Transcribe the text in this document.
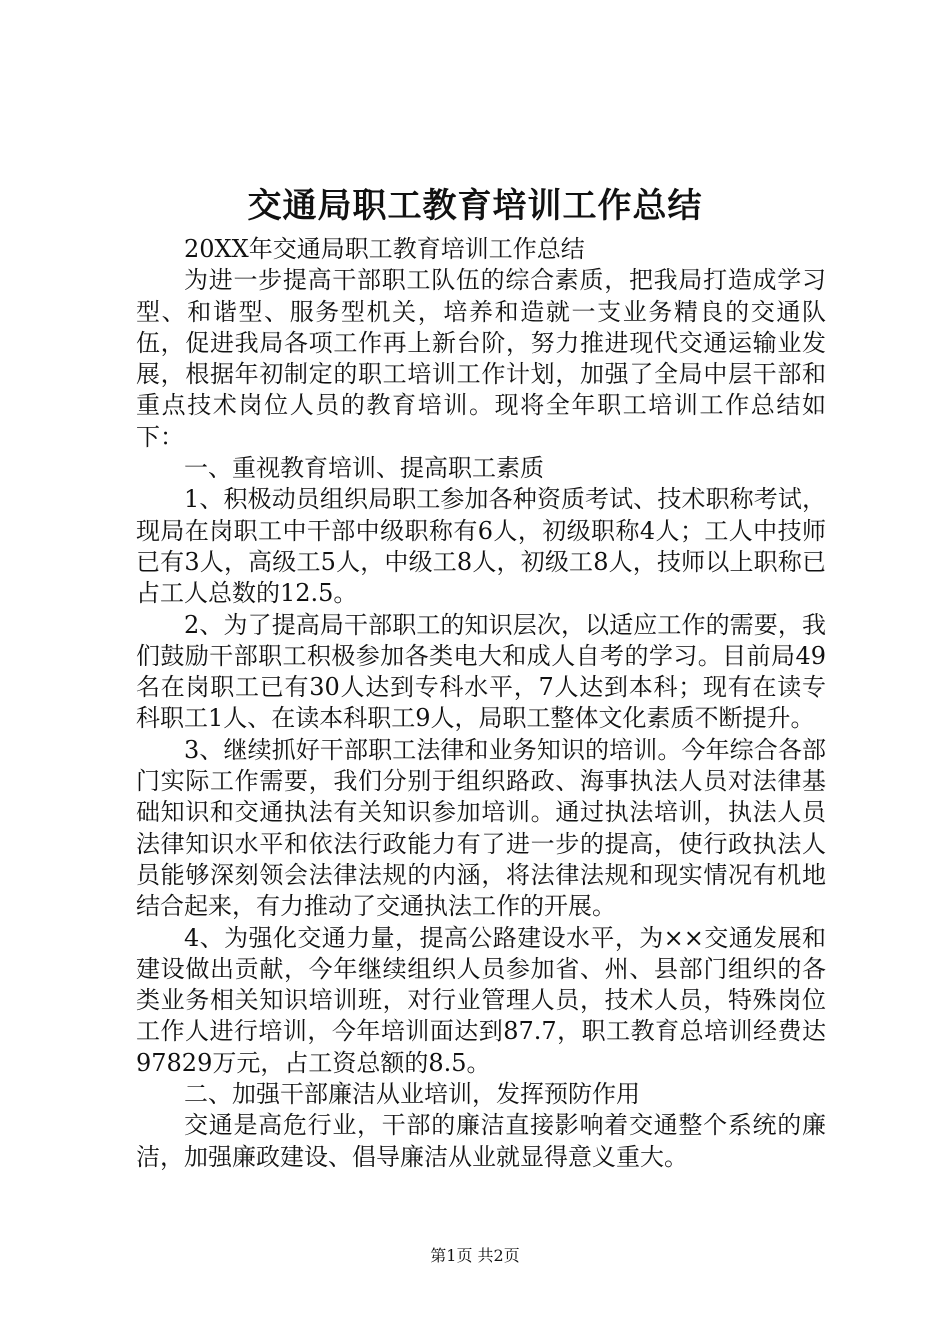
交通局职工教育培训工作总结

20XX年交通局职工教育培训工作总结

为进一步提高干部职工队伍的综合素质，把我局打造成学习型、和谐型、服务型机关，培养和造就一支业务精良的交通队伍，促进我局各项工作再上新台阶，努力推进现代交通运输业发展，根据年初制定的职工培训工作计划，加强了全局中层干部和重点技术岗位人员的教育培训。现将全年职工培训工作总结如下：

一、重视教育培训、提高职工素质

1、积极动员组织局职工参加各种资质考试、技术职称考试，现局在岗职工中干部中级职称有6人，初级职称4人；工人中技师已有3人，高级工5人，中级工8人，初级工8人，技师以上职称已占工人总数的12.5。

2、为了提高局干部职工的知识层次，以适应工作的需要，我们鼓励干部职工积极参加各类电大和成人自考的学习。目前局49名在岗职工已有30人达到专科水平，7人达到本科；现有在读专科职工1人、在读本科职工9人，局职工整体文化素质不断提升。

3、继续抓好干部职工法律和业务知识的培训。今年综合各部门实际工作需要，我们分别于组织路政、海事执法人员对法律基础知识和交通执法有关知识参加培训。通过执法培训，执法人员法律知识水平和依法行政能力有了进一步的提高，使行政执法人员能够深刻领会法律法规的内涵，将法律法规和现实情况有机地结合起来，有力推动了交通执法工作的开展。

4、为强化交通力量，提高公路建设水平，为××交通发展和建设做出贡献，今年继续组织人员参加省、州、县部门组织的各类业务相关知识培训班，对行业管理人员，技术人员，特殊岗位工作人进行培训，今年培训面达到87.7，职工教育总培训经费达97829万元，占工资总额的8.5。

二、加强干部廉洁从业培训，发挥预防作用

交通是高危行业，干部的廉洁直接影响着交通整个系统的廉洁，加强廉政建设、倡导廉洁从业就显得意义重大。

第1页 共2页
